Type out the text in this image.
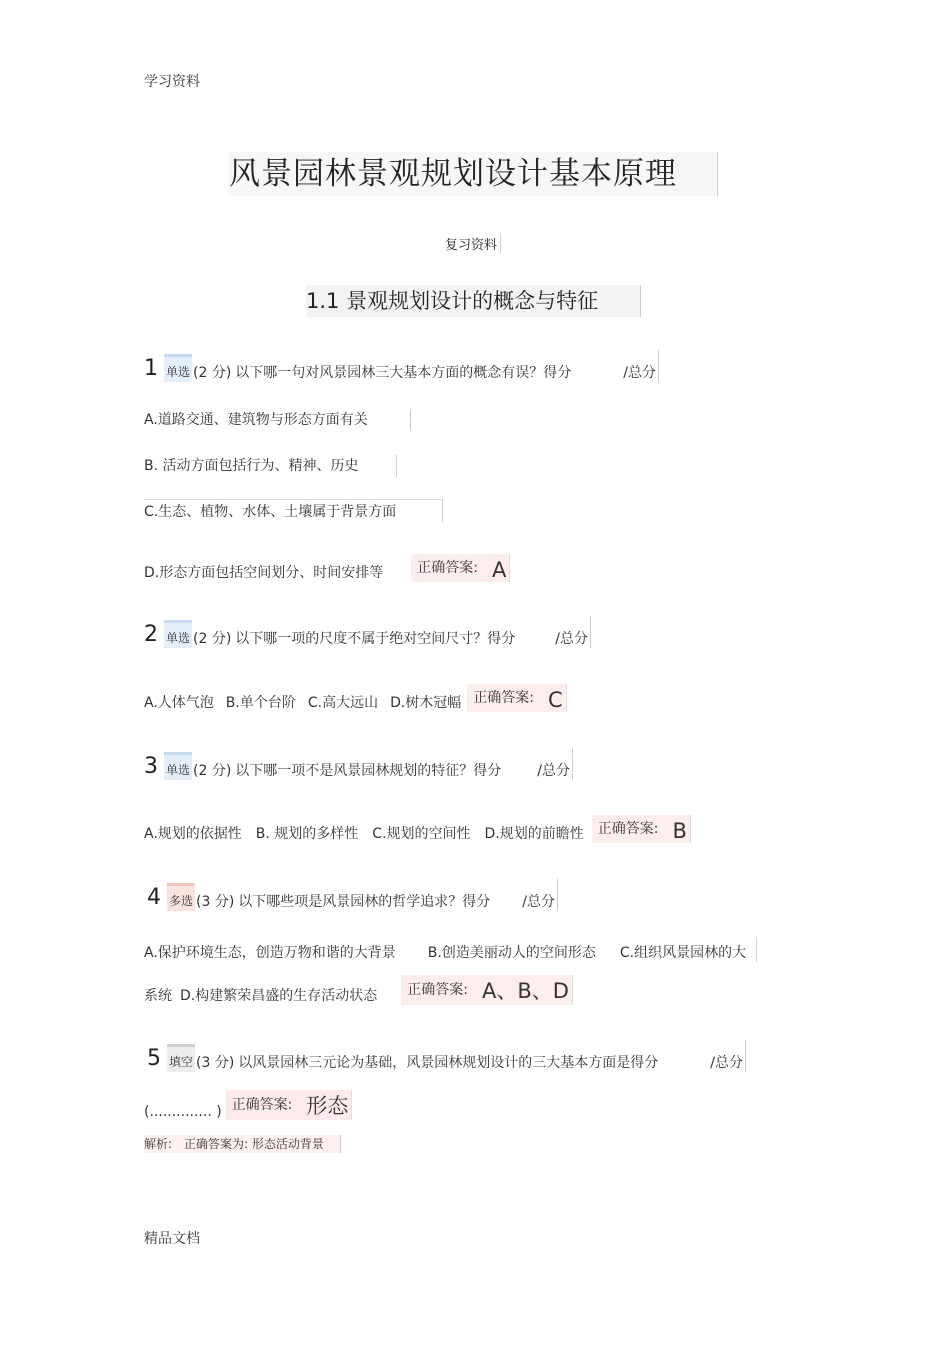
学习资料
风景园林景观规划设计基本原理
复习资料
1.1 景观规划设计的概念与特征
1 单选 (2 分) 以下哪一句对风景园林三大基本方面的概念有误？得分	/总分
A.道路交通、建筑物与形态方面有关
B. 活动方面包括行为、精神、历史
C.生态、植物、水体、土壤属于背景方面
D.形态方面包括空间划分、时间安排等 正确答案: A
2 单选 (2 分) 以下哪一项的尺度不属于绝对空间尺寸？得分	/总分
A.人体气泡 B.单个台阶 C.高大远山 D.树木冠幅 正确答案: C
3 单选 (2 分) 以下哪一项不是风景园林规划的特征？得分	/总分
A.规划的依据性 B. 规划的多样性 C.规划的空间性 D.规划的前瞻性 正确答案: B
4 多选 (3 分) 以下哪些项是风景园林的哲学追求？得分 /总分
A.保护环境生态，创造万物和谐的大背景 B.创造美丽动人的空间形态 C.组织风景园林的大
系统 D.构建繁荣昌盛的生存活动状态 正确答案: A、B、D
5 填空 (3 分) 以风景园林三元论为基础，风景园林规划设计的三大基本方面是得分	/总分
(.............. ) 正确答案: 形态
解析:　正确答案为: 形态活动背景
精品文档
